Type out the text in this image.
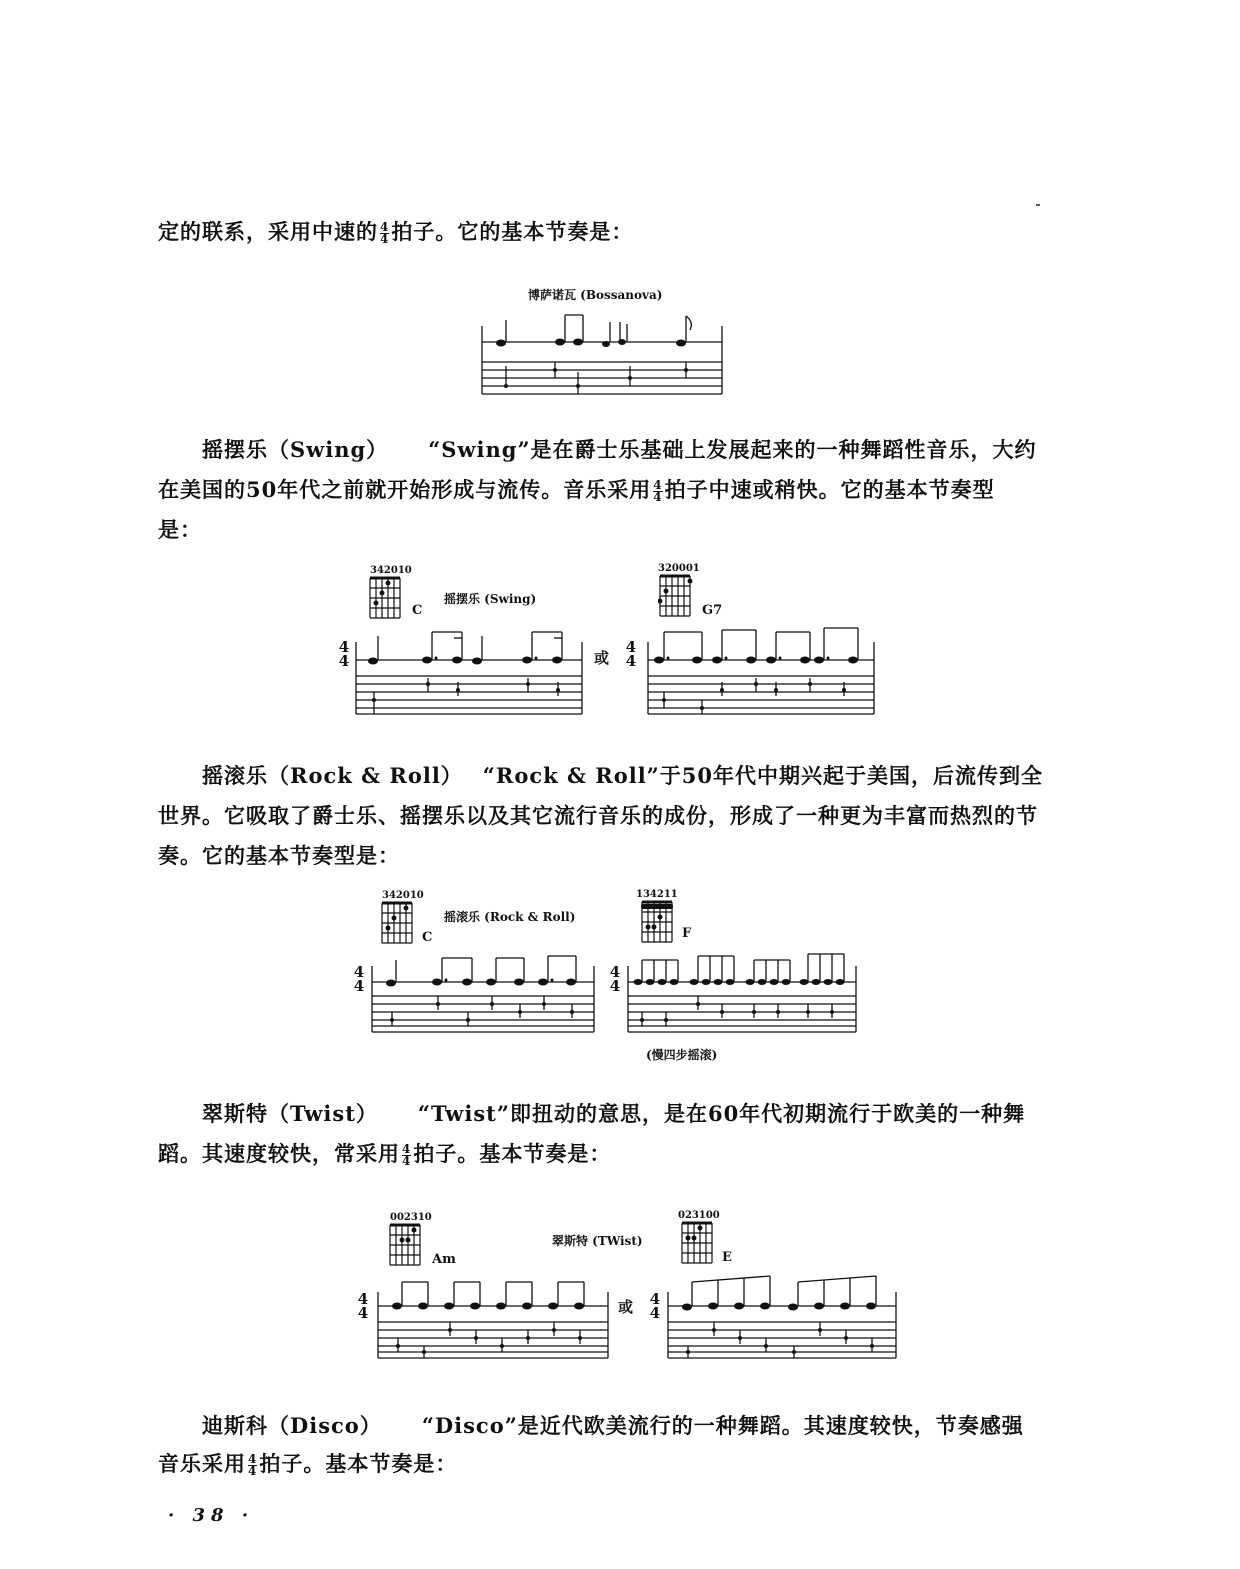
定的联系，采用中速的 $\frac{4}{4}$ 拍子。它的基本节奏是：
博萨诺瓦 (Bossanova)
摇摆乐（Swing） “Swing”是在爵士乐基础上发展起来的一种舞蹈性音乐，大约
在美国的50年代之前就开始形成与流传。音乐采用 $\frac{4}{4}$ 拍子中速或稍快。它的基本节奏型
是：
342010
C
摇摆乐 (Swing)
320001
G7
4
4	或
4
4
摇滚乐（Rock & Roll） “Rock & Roll”于50年代中期兴起于美国，后流传到全
世界。它吸取了爵士乐、摇摆乐以及其它流行音乐的成份，形成了一种更为丰富而热烈的节
奏。它的基本节奏型是：
342010
C
摇滚乐 (Rock & Roll)
134211
F
4
4
4
4
(慢四步摇滚)
翠斯特（Twist） “Twist”即扭动的意思，是在60年代初期流行于欧美的一种舞
蹈。其速度较快，常采用 $\frac{4}{4}$ 拍子。基本节奏是：
002310
Am
翠斯特 (TWist)
023100
E
4
4	或 4
4
迪斯科（Disco） “Disco”是近代欧美流行的一种舞蹈。其速度较快，节奏感强
音乐采用 $\frac{4}{4}$ 拍子。基本节奏是：
· 38 ·
